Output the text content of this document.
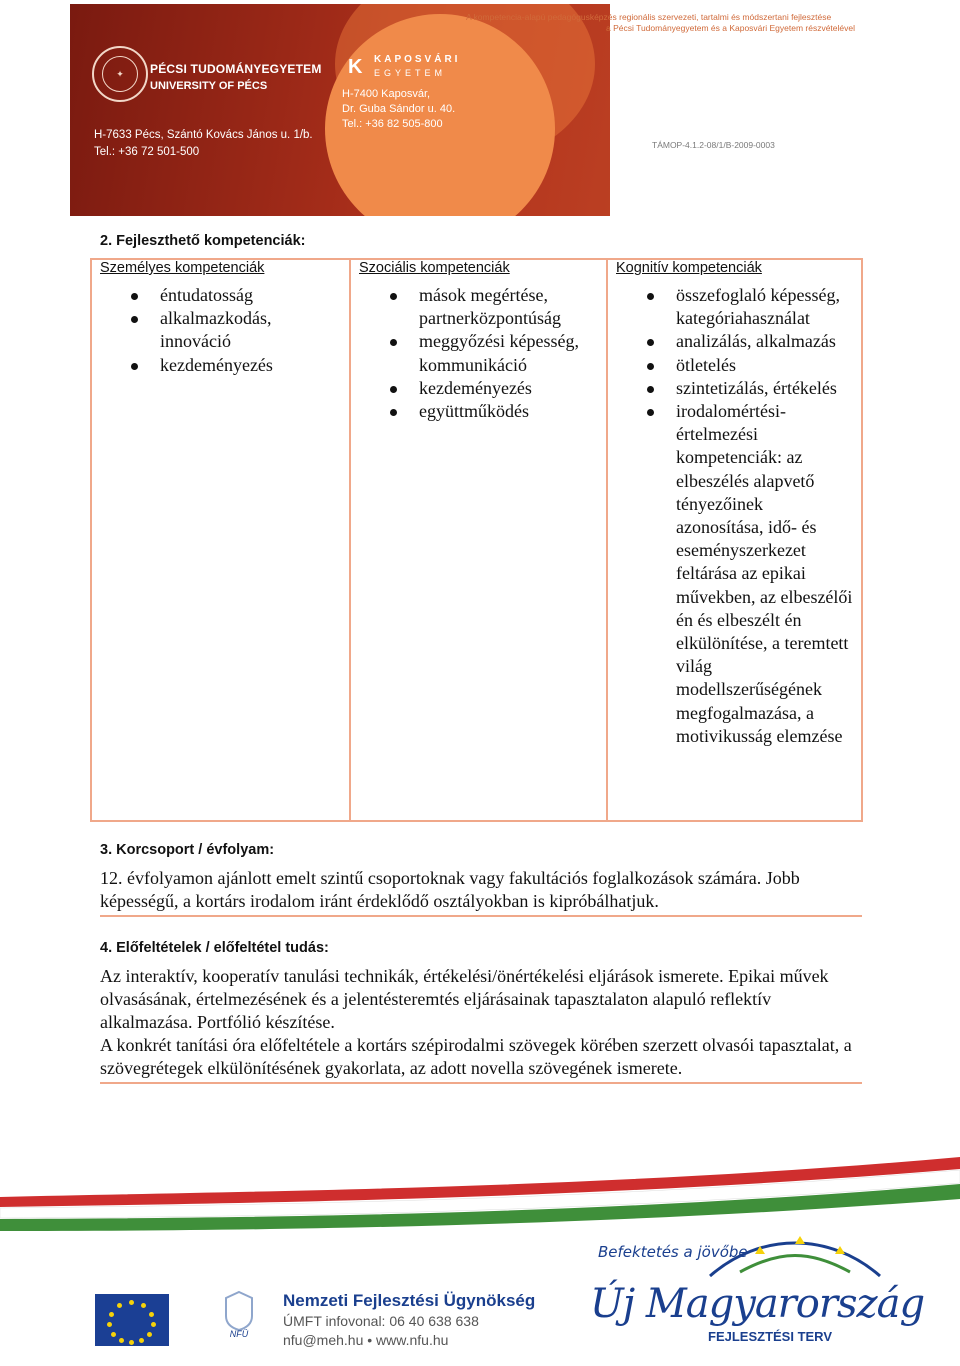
✦	PÉCSI TUDOMÁNYEGYETEM
UNIVERSITY OF PÉCS
H-7633 Pécs, Szántó Kovács János u. 1/b.
Tel.: +36 72 501-500
K	KAPOSVÁRI
EGYETEM
H-7400 Kaposvár,
Dr. Guba Sándor u. 40.
Tel.: +36 82 505-800
A kompetencia-alapú pedagógusképzés regionális szervezeti, tartalmi és módszertani fejlesztése
a Pécsi Tudományegyetem és a Kaposvári Egyetem részvételével
TÁMOP-4.1.2-08/1/B-2009-0003
2. Fejleszthető kompetenciák:
Személyes kompetenciák
éntudatosság
alkalmazkodás, innováció
kezdeményezés
Szociális kompetenciák
mások megértése, partnerközpontúság
meggyőzési képesség, kommunikáció
kezdeményezés
együttműködés
Kognitív kompetenciák
összefoglaló képesség, kategóriahasználat
analizálás, alkalmazás
ötletelés
szintetizálás, értékelés
irodalomértési-értelmezési kompetenciák: az elbeszélés alapvető tényezőinek azonosítása, idő- és eseményszerkezet feltárása az epikai művekben, az elbeszélői én és elbeszélt én elkülönítése, a teremtett világ modellszerűségének megfogalmazása, a motivikusság elemzése
3. Korcsoport / évfolyam:

12. évfolyamon ajánlott emelt szintű csoportoknak vagy fakultációs foglalkozások számára. Jobb képességű, a kortárs irodalom iránt érdeklődő osztályokban is kipróbálhatjuk.

4. Előfeltételek / előfeltétel tudás:

Az interaktív, kooperatív tanulási technikák, értékelési/önértékelési eljárások ismerete. Epikai művek olvasásának, értelmezésének és a jelentésteremtés eljárásainak tapasztalaton alapuló reflektív alkalmazása. Portfólió készítése.

A konkrét tanítási óra előfeltétele a kortárs szépirodalmi szövegek körében szerzett olvasói tapasztalat, a szövegrétegek elkülönítésének gyakorlata, az adott novella szövegének ismerete.

NFÜ
Nemzeti Fejlesztési Ügynökség
ÚMFT infovonal: 06 40 638 638
nfu@meh.hu • www.nfu.hu
Befektetés a jövőbe
Új Magyarország
FEJLESZTÉSI TERV
